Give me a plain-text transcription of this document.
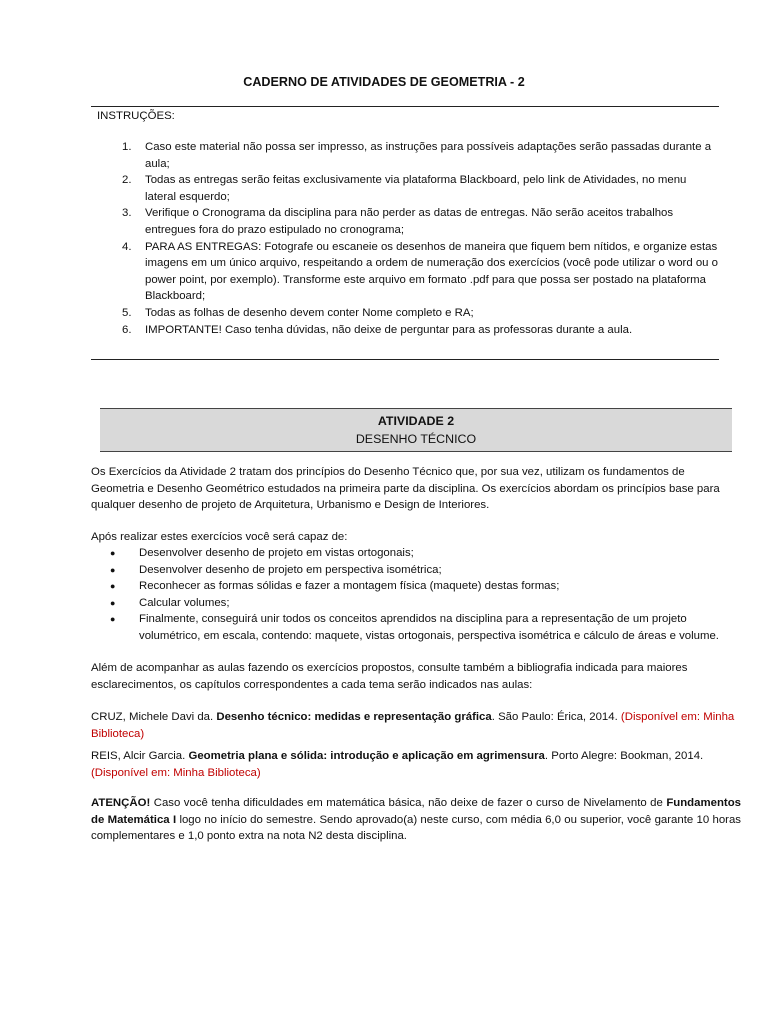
CADERNO DE ATIVIDADES DE GEOMETRIA - 2
INSTRUÇÕES:
1. Caso este material não possa ser impresso, as instruções para possíveis adaptações serão passadas durante a aula;
2. Todas as entregas serão feitas exclusivamente via plataforma Blackboard, pelo link de Atividades, no menu lateral esquerdo;
3. Verifique o Cronograma da disciplina para não perder as datas de entregas. Não serão aceitos trabalhos entregues fora do prazo estipulado no cronograma;
4. PARA AS ENTREGAS: Fotografe ou escaneie os desenhos de maneira que fiquem bem nítidos, e organize estas imagens em um único arquivo, respeitando a ordem de numeração dos exercícios (você pode utilizar o word ou o power point, por exemplo). Transforme este arquivo em formato .pdf para que possa ser postado na plataforma Blackboard;
5. Todas as folhas de desenho devem conter Nome completo e RA;
6. IMPORTANTE! Caso tenha dúvidas, não deixe de perguntar para as professoras durante a aula.
ATIVIDADE 2
DESENHO TÉCNICO

Os Exercícios da Atividade 2 tratam dos princípios do Desenho Técnico que, por sua vez, utilizam os fundamentos de Geometria e Desenho Geométrico estudados na primeira parte da disciplina. Os exercícios abordam os princípios base para qualquer desenho de projeto de Arquitetura, Urbanismo e Design de Interiores.

Após realizar estes exercícios você será capaz de:

● Desenvolver desenho de projeto em vistas ortogonais;
● Desenvolver desenho de projeto em perspectiva isométrica;
● Reconhecer as formas sólidas e fazer a montagem física (maquete) destas formas;
● Calcular volumes;
● Finalmente, conseguirá unir todos os conceitos aprendidos na disciplina para a representação de um projeto volumétrico, em escala, contendo: maquete, vistas ortogonais, perspectiva isométrica e cálculo de áreas e volume.

Além de acompanhar as aulas fazendo os exercícios propostos, consulte também a bibliografia indicada para maiores esclarecimentos, os capítulos correspondentes a cada tema serão indicados nas aulas:

CRUZ, Michele Davi da. Desenho técnico: medidas e representação gráfica. São Paulo: Érica, 2014. (Disponível em: Minha Biblioteca)

REIS, Alcir Garcia. Geometria plana e sólida: introdução e aplicação em agrimensura. Porto Alegre: Bookman, 2014. (Disponível em: Minha Biblioteca)

ATENÇÃO! Caso você tenha dificuldades em matemática básica, não deixe de fazer o curso de Nivelamento de Fundamentos de Matemática I logo no início do semestre. Sendo aprovado(a) neste curso, com média 6,0 ou superior, você garante 10 horas complementares e 1,0 ponto extra na nota N2 desta disciplina.
